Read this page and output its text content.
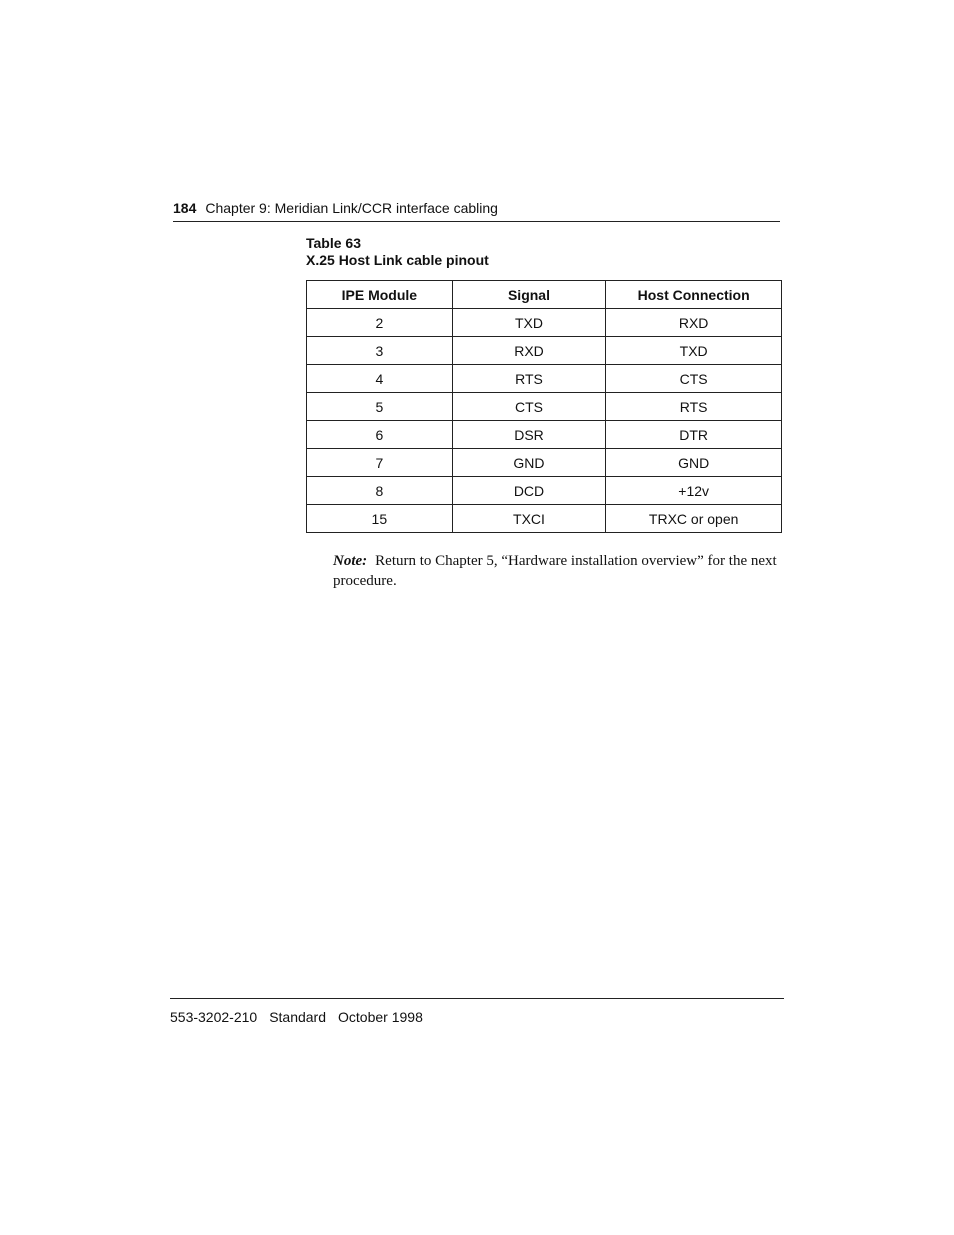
184 Chapter 9: Meridian Link/CCR interface cabling
Table 63
X.25 Host Link cable pinout
IPE Module	Signal	Host Connection
2	TXD	RXD
3	RXD	TXD
4	RTS	CTS
5	CTS	RTS
6	DSR	DTR
7	GND	GND
8	DCD	+12v
15	TXCI	TRXC or open
Note: Return to Chapter 5, “Hardware installation overview” for the next procedure.
553-3202-210 Standard October 1998
